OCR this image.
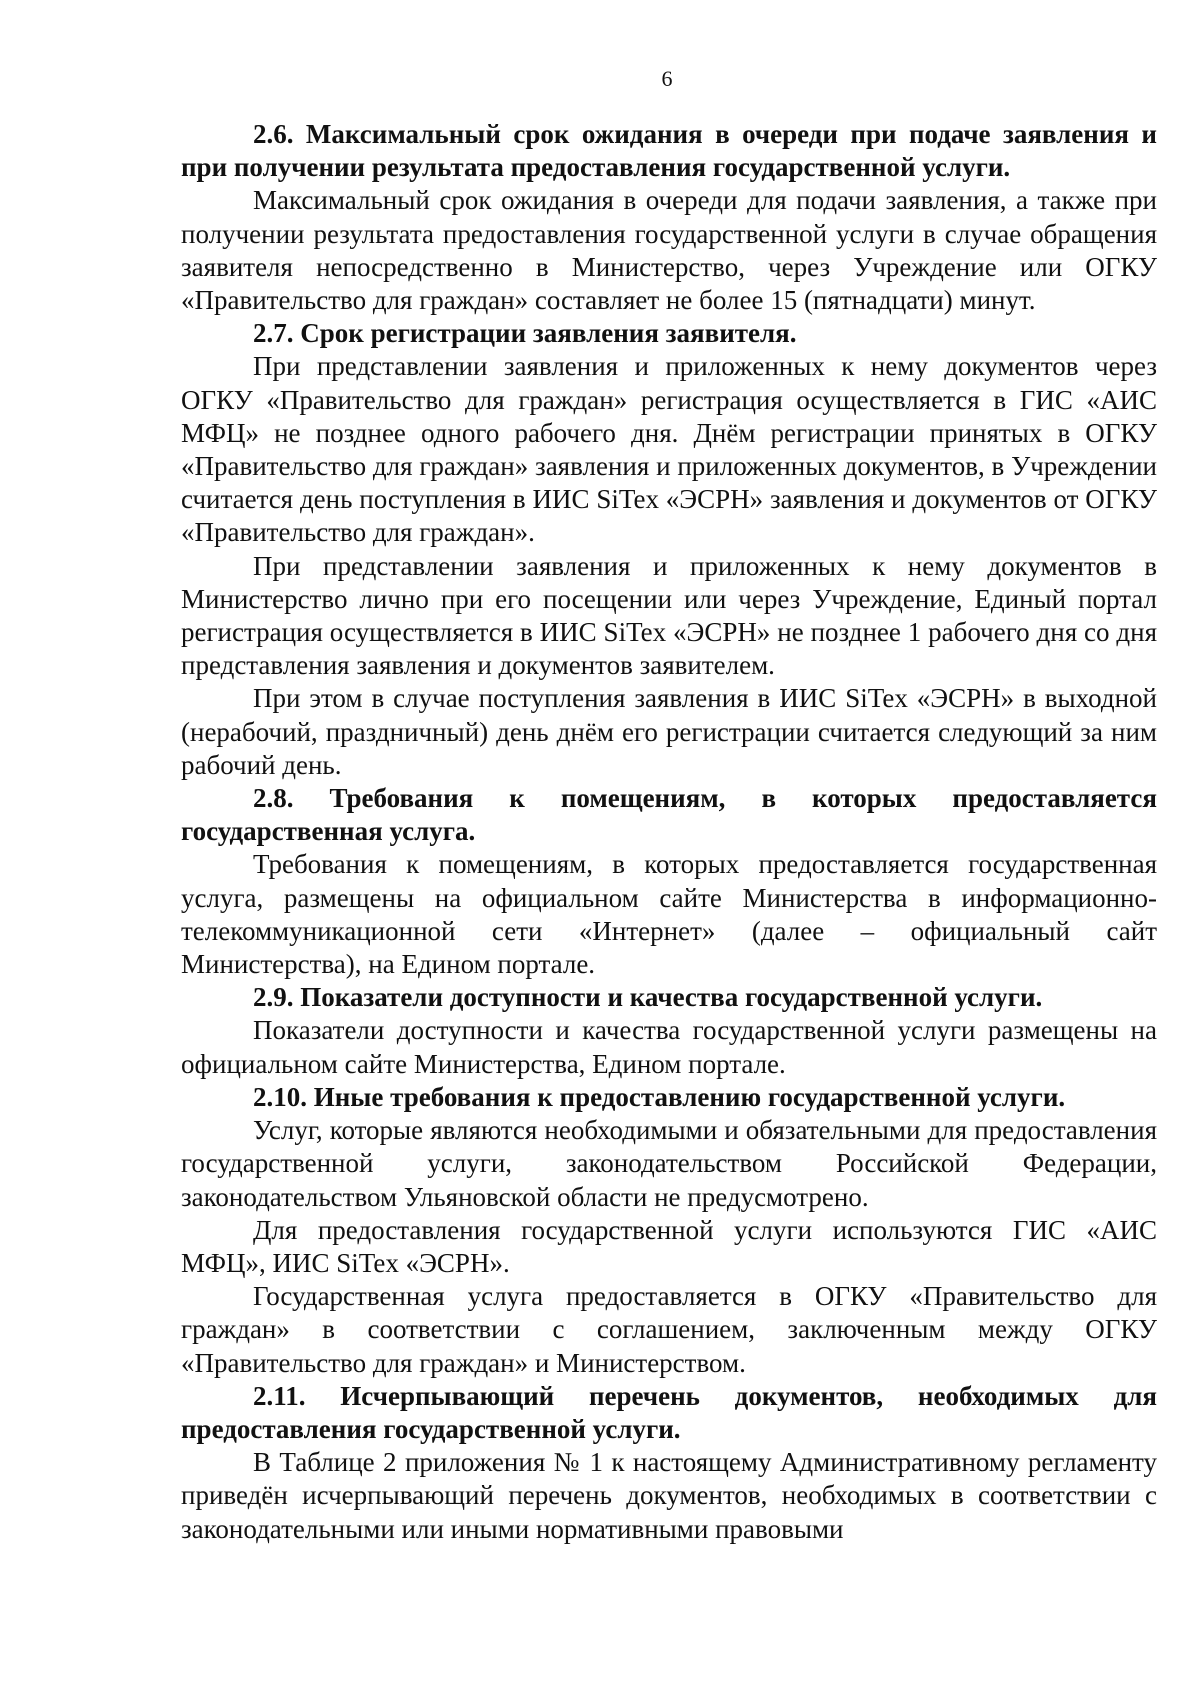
6

2.6. Максимальный срок ожидания в очереди при подаче заявления и при получении результата предоставления государственной услуги.

Максимальный срок ожидания в очереди для подачи заявления, а также при получении результата предоставления государственной услуги в случае обращения заявителя непосредственно в Министерство, через Учреждение или ОГКУ «Правительство для граждан» составляет не более 15 (пятнадцати) минут.

2.7. Срок регистрации заявления заявителя.

При представлении заявления и приложенных к нему документов через ОГКУ «Правительство для граждан» регистрация осуществляется в ГИС «АИС МФЦ» не позднее одного рабочего дня. Днём регистрации принятых в ОГКУ «Правительство для граждан» заявления и приложенных документов, в Учреждении считается день поступления в ИИС SiTex «ЭСРН» заявления и документов от ОГКУ «Правительство для граждан».

При представлении заявления и приложенных к нему документов в Министерство лично при его посещении или через Учреждение, Единый портал регистрация осуществляется в ИИС SiTex «ЭСРН» не позднее 1 рабочего дня со дня представления заявления и документов заявителем.

При этом в случае поступления заявления в ИИС SiTex «ЭСРН» в выходной (нерабочий, праздничный) день днём его регистрации считается следующий за ним рабочий день.

2.8. Требования к помещениям, в которых предоставляется государственная услуга.

Требования к помещениям, в которых предоставляется государственная услуга, размещены на официальном сайте Министерства в информационно-телекоммуникационной сети «Интернет» (далее – официальный сайт Министерства), на Едином портале.

2.9. Показатели доступности и качества государственной услуги.

Показатели доступности и качества государственной услуги размещены на официальном сайте Министерства, Едином портале.

2.10. Иные требования к предоставлению государственной услуги.

Услуг, которые являются необходимыми и обязательными для предоставления государственной услуги, законодательством Российской Федерации, законодательством Ульяновской области не предусмотрено.

Для предоставления государственной услуги используются ГИС «АИС МФЦ», ИИС SiTex «ЭСРН».

Государственная услуга предоставляется в ОГКУ «Правительство для граждан» в соответствии с соглашением, заключенным между ОГКУ «Правительство для граждан» и Министерством.

2.11. Исчерпывающий перечень документов, необходимых для предоставления государственной услуги.

В Таблице 2 приложения № 1 к настоящему Административному регламенту приведён исчерпывающий перечень документов, необходимых в соответствии с законодательными или иными нормативными правовыми
